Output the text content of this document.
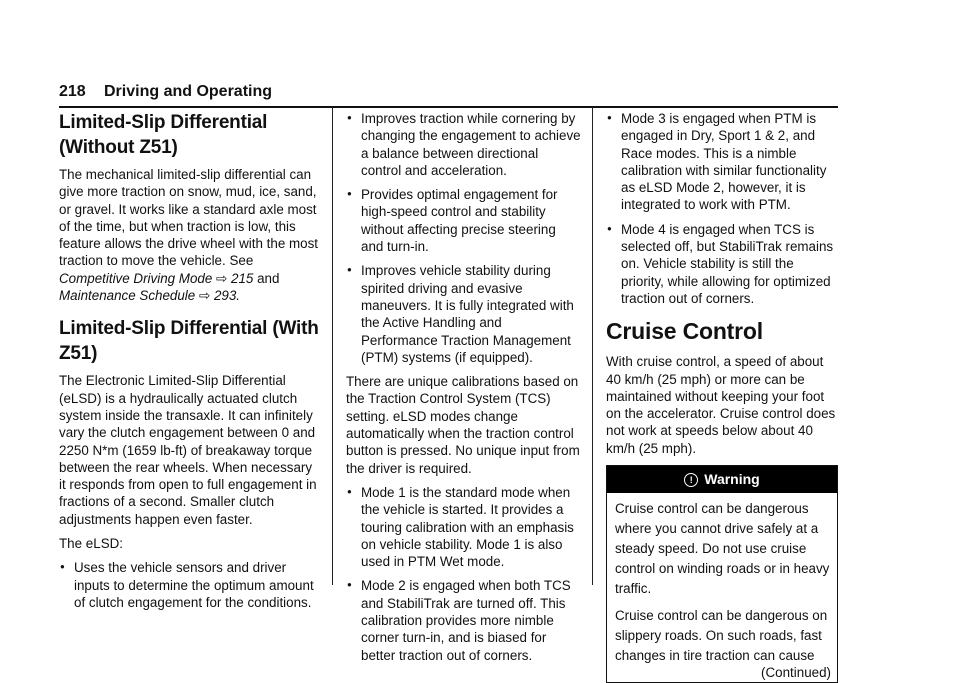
218 Driving and Operating
Limited-Slip Differential
(Without Z51)

The mechanical limited-slip differential can give more traction on snow, mud, ice, sand, or gravel. It works like a standard axle most of the time, but when traction is low, this feature allows the drive wheel with the most traction to move the vehicle. See Competitive Driving Mode ⇨ 215 and Maintenance Schedule ⇨ 293.

Limited-Slip Differential (With Z51)

The Electronic Limited-Slip Differential (eLSD) is a hydraulically actuated clutch system inside the transaxle. It can infinitely vary the clutch engagement between 0 and 2250 N*m (1659 lb-ft) of breakaway torque between the rear wheels. When necessary it responds from open to full engagement in fractions of a second. Smaller clutch adjustments happen even faster.

The eLSD:

● Uses the vehicle sensors and driver inputs to determine the optimum amount of clutch engagement for the conditions.
● Improves traction while cornering by changing the engagement to achieve a balance between directional control and acceleration.
● Provides optimal engagement for high-speed control and stability without affecting precise steering and turn-in.
● Improves vehicle stability during spirited driving and evasive maneuvers. It is fully integrated with the Active Handling and Performance Traction Management (PTM) systems (if equipped).

There are unique calibrations based on the Traction Control System (TCS) setting. eLSD modes change automatically when the traction control button is pressed. No unique input from the driver is required.

● Mode 1 is the standard mode when the vehicle is started. It provides a touring calibration with an emphasis on vehicle stability. Mode 1 is also used in PTM Wet mode.
● Mode 2 is engaged when both TCS and StabiliTrak are turned off. This calibration provides more nimble corner turn-in, and is biased for better traction out of corners.
● Mode 3 is engaged when PTM is engaged in Dry, Sport 1 & 2, and Race modes. This is a nimble calibration with similar functionality as eLSD Mode 2, however, it is integrated to work with PTM.
● Mode 4 is engaged when TCS is selected off, but StabiliTrak remains on. Vehicle stability is still the priority, while allowing for optimized traction out of corners.
Cruise Control

With cruise control, a speed of about 40 km/h (25 mph) or more can be maintained without keeping your foot on the accelerator. Cruise control does not work at speeds below about 40 km/h (25 mph).

! Warning

Cruise control can be dangerous where you cannot drive safely at a steady speed. Do not use cruise control on winding roads or in heavy traffic.

Cruise control can be dangerous on slippery roads. On such roads, fast changes in tire traction can cause

(Continued)
